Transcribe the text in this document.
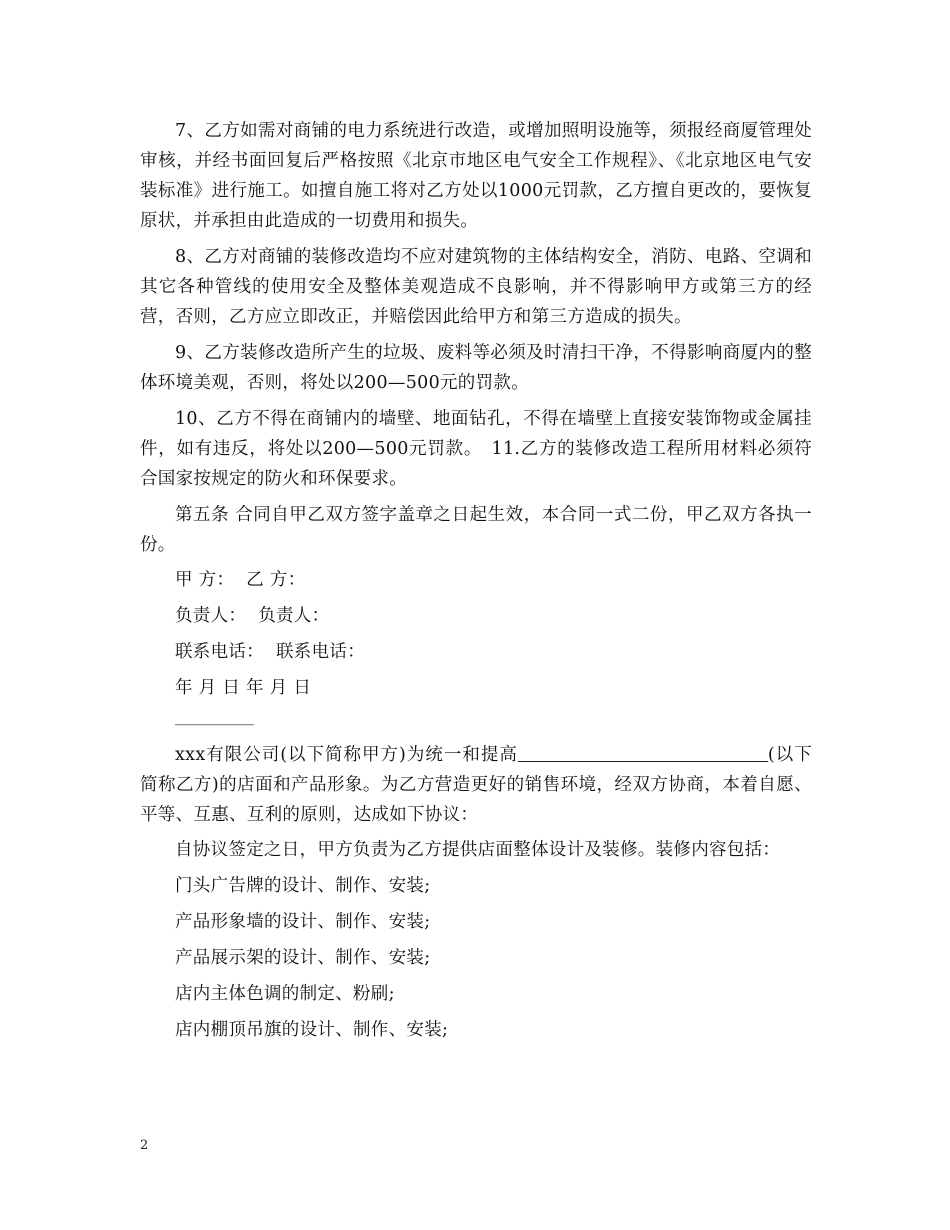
7、乙方如需对商铺的电力系统进行改造，或增加照明设施等，须报经商厦管理处审核，并经书面回复后严格按照《北京市地区电气安全工作规程》、《北京地区电气安装标准》进行施工。如擅自施工将对乙方处以1000元罚款，乙方擅自更改的，要恢复原状，并承担由此造成的一切费用和损失。

8、乙方对商铺的装修改造均不应对建筑物的主体结构安全，消防、电路、空调和其它各种管线的使用安全及整体美观造成不良影响，并不得影响甲方或第三方的经营，否则，乙方应立即改正，并赔偿因此给甲方和第三方造成的损失。

9、乙方装修改造所产生的垃圾、废料等必须及时清扫干净，不得影响商厦内的整体环境美观，否则，将处以200—500元的罚款。

10、乙方不得在商铺内的墙壁、地面钻孔，不得在墙壁上直接安装饰物或金属挂件，如有违反，将处以200—500元罚款。　11.乙方的装修改造工程所用材料必须符合国家按规定的防火和环保要求。

第五条 合同自甲乙双方签字盖章之日起生效，本合同一式二份，甲乙双方各执一份。

甲 方： 乙 方：

负责人： 负责人：

联系电话： 联系电话：

年 月 日 年 月 日

_________

xxx有限公司(以下简称甲方)为统一和提高	(以下简称乙方)的店面和产品形象。为乙方营造更好的销售环境，经双方协商，本着自愿、平等、互惠、互利的原则，达成如下协议：

自协议签定之日，甲方负责为乙方提供店面整体设计及装修。装修内容包括：

门头广告牌的设计、制作、安装;

产品形象墙的设计、制作、安装;

产品展示架的设计、制作、安装;

店内主体色调的制定、粉刷;

店内棚顶吊旗的设计、制作、安装;

2
